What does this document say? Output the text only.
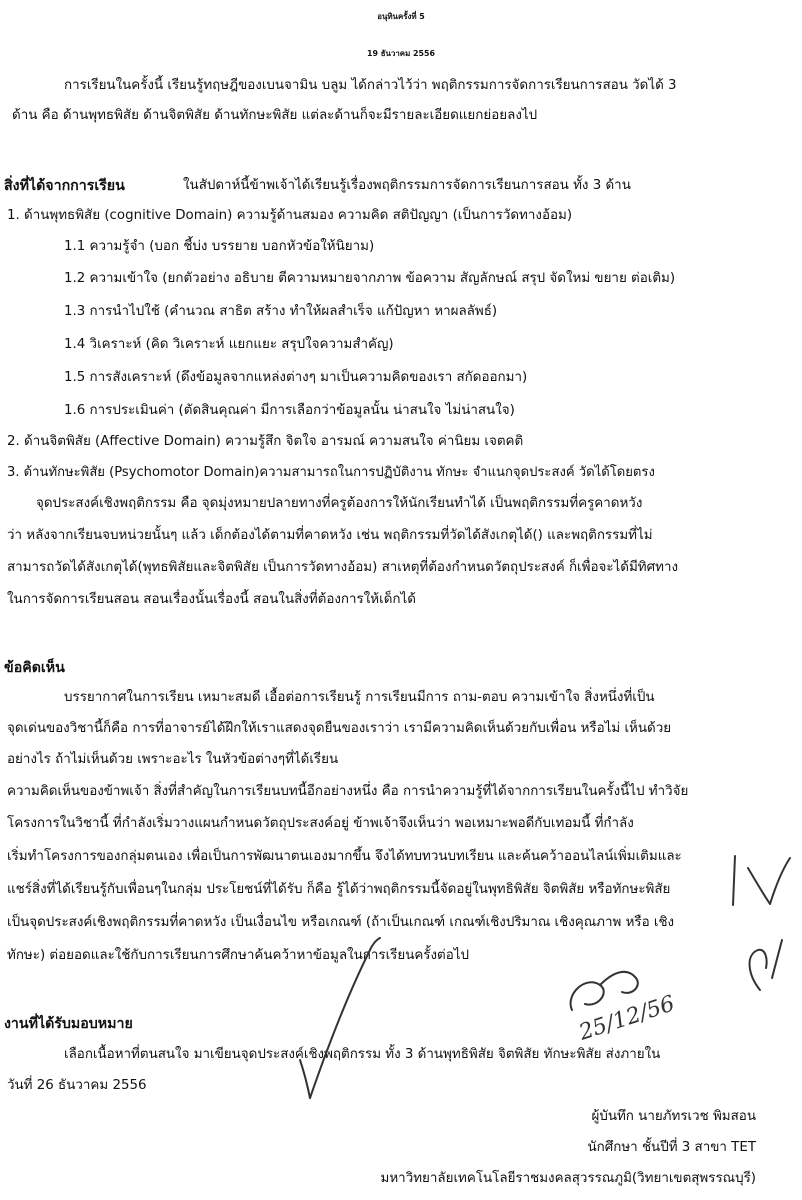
อนุทินครั้งที่ 5
19 ธันวาคม 2556
การเรียนในครั้งนี้ เรียนรู้ทฤษฎีของเบนจามิน บลูม ได้กล่าวไว้ว่า พฤติกรรมการจัดการเรียนการสอน วัดได้ 3
ด้าน คือ ด้านพุทธพิสัย ด้านจิตพิสัย ด้านทักษะพิสัย แต่ละด้านก็จะมีรายละเอียดแยกย่อยลงไป
สิ่งที่ได้จากการเรียน	ในสัปดาห์นี้ข้าพเจ้าได้เรียนรู้เรื่องพฤติกรรมการจัดการเรียนการสอน ทั้ง 3 ด้าน
1. ด้านพุทธพิสัย (cognitive Domain) ความรู้ด้านสมอง ความคิด สติปัญญา (เป็นการวัดทางอ้อม)
1.1 ความรู้จำ (บอก ชี้บ่ง บรรยาย บอกหัวข้อให้นิยาม)
1.2 ความเข้าใจ (ยกตัวอย่าง อธิบาย ตีความหมายจากภาพ ข้อความ สัญลักษณ์ สรุป จัดใหม่ ขยาย ต่อเติม)
1.3 การนำไปใช้ (คำนวณ สาธิต สร้าง ทำให้ผลสำเร็จ แก้ปัญหา หาผลลัพธ์)
1.4 วิเคราะห์ (คิด วิเคราะห์ แยกแยะ สรุปใจความสำคัญ)
1.5 การสังเคราะห์ (ดึงข้อมูลจากแหล่งต่างๆ มาเป็นความคิดของเรา สกัดออกมา)
1.6 การประเมินค่า (ตัดสินคุณค่า มีการเลือกว่าข้อมูลนั้น น่าสนใจ ไม่น่าสนใจ)
2. ด้านจิตพิสัย (Affective Domain) ความรู้สึก จิตใจ อารมณ์ ความสนใจ ค่านิยม เจตคติ
3. ด้านทักษะพิสัย (Psychomotor Domain)ความสามารถในการปฏิบัติงาน ทักษะ จำแนกจุดประสงค์ วัดได้โดยตรง
จุดประสงค์เชิงพฤติกรรม คือ จุดมุ่งหมายปลายทางที่ครูต้องการให้นักเรียนทำได้ เป็นพฤติกรรมที่ครูคาดหวัง
ว่า หลังจากเรียนจบหน่วยนั้นๆ แล้ว เด็กต้องได้ตามที่คาดหวัง เช่น พฤติกรรมที่วัดได้สังเกตุได้() และพฤติกรรมที่ไม่
สามารถวัดได้สังเกตุได้(พุทธพิสัยและจิตพิสัย เป็นการวัดทางอ้อม) สาเหตุที่ต้องกำหนดวัตถุประสงค์ ก็เพื่อจะได้มีทิศทาง
ในการจัดการเรียนสอน สอนเรื่องนั้นเรื่องนี้ สอนในสิ่งที่ต้องการให้เด็กได้
ข้อคิดเห็น
บรรยากาศในการเรียน เหมาะสมดี เอื้อต่อการเรียนรู้ การเรียนมีการ ถาม-ตอบ ความเข้าใจ สิ่งหนึ่งที่เป็น
จุดเด่นของวิชานี้ก็คือ การที่อาจารย์ได้ฝึกให้เราแสดงจุดยืนของเราว่า เรามีความคิดเห็นด้วยกับเพื่อน หรือไม่ เห็นด้วย
อย่างไร ถ้าไม่เห็นด้วย เพราะอะไร ในหัวข้อต่างๆที่ได้เรียน
ความคิดเห็นของข้าพเจ้า สิ่งที่สำคัญในการเรียนบทนี้อีกอย่างหนึ่ง คือ การนำความรู้ที่ได้จากการเรียนในครั้งนี้ไป ทำวิจัย
โครงการในวิชานี้ ที่กำลังเริ่มวางแผนกำหนดวัตถุประสงค์อยู่ ข้าพเจ้าจึงเห็นว่า พอเหมาะพอดีกับเทอมนี้ ที่กำลัง
เริ่มทำโครงการของกลุ่มตนเอง เพื่อเป็นการพัฒนาตนเองมากขึ้น จึงได้ทบทวนบทเรียน และค้นคว้าออนไลน์เพิ่มเติมและ
แชร์สิ่งที่ได้เรียนรู้กับเพื่อนๆในกลุ่ม ประโยชน์ที่ได้รับ ก็คือ รู้ได้ว่าพฤติกรรมนี้จัดอยู่ในพุทธิพิสัย จิตพิสัย หรือทักษะพิสัย
เป็นจุดประสงค์เชิงพฤติกรรมที่คาดหวัง เป็นเงื่อนไข หรือเกณฑ์ (ถ้าเป็นเกณฑ์ เกณฑ์เชิงปริมาณ เชิงคุณภาพ หรือ เชิง
ทักษะ) ต่อยอดและใช้กับการเรียนการศึกษาค้นคว้าหาข้อมูลในการเรียนครั้งต่อไป
งานที่ได้รับมอบหมาย
เลือกเนื้อหาที่ตนสนใจ มาเขียนจุดประสงค์เชิงพฤติกรรม ทั้ง 3 ด้านพุทธิพิสัย จิตพิสัย ทักษะพิสัย ส่งภายใน
วันที่ 26 ธันวาคม 2556
ผู้บันทึก นายภัทรเวช พิมสอน
นักศึกษา ชั้นปีที่ 3 สาขา TET
มหาวิทยาลัยเทคโนโลยีราชมงคลสุวรรณภูมิ(วิทยาเขตสุพรรณบุรี)
25/12/56
